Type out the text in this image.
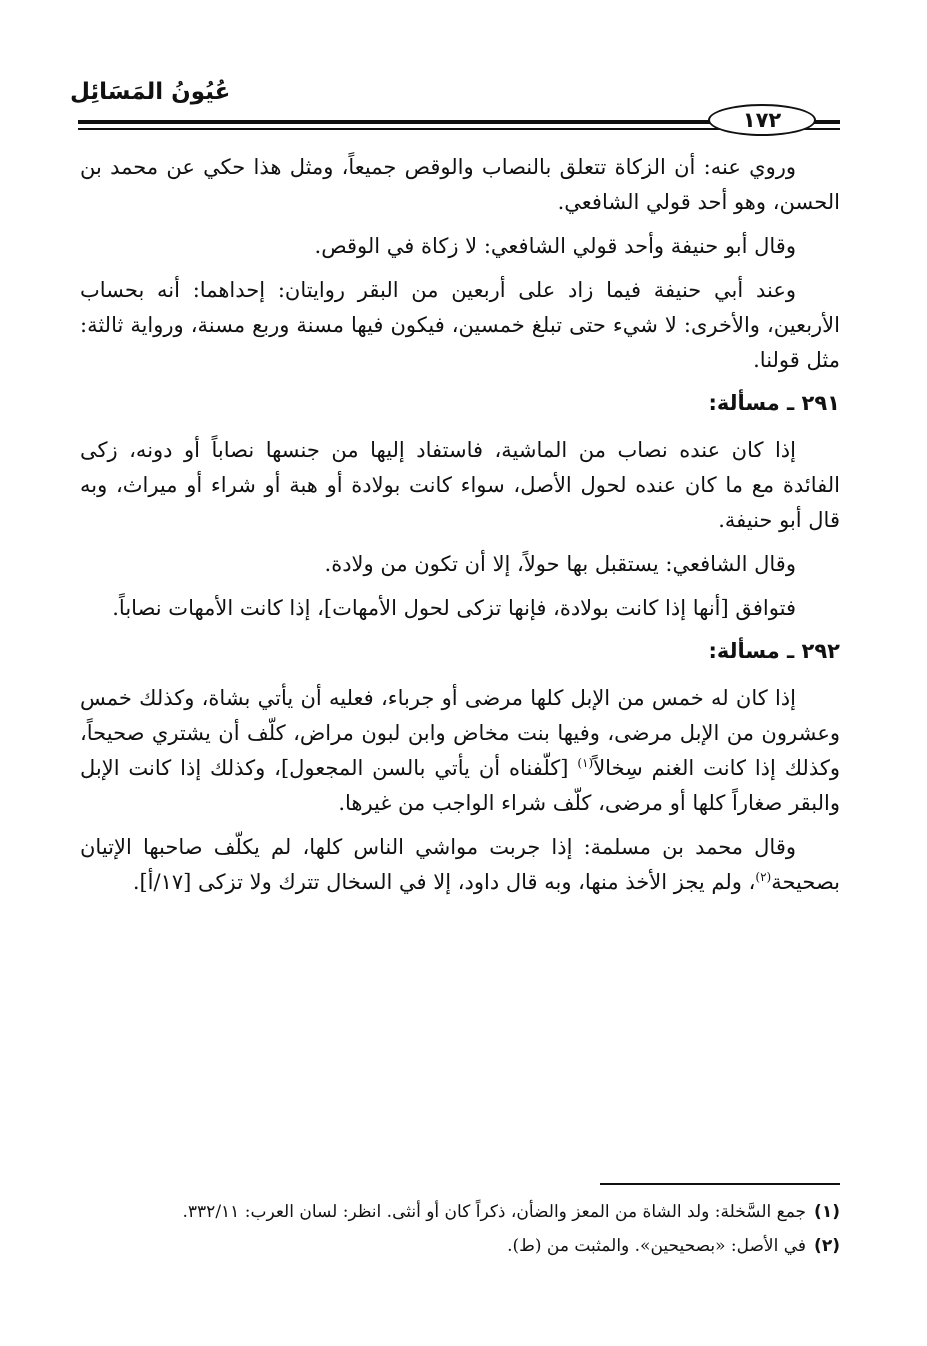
عُيُونُ المَسَائِل
١٧٢

وروي عنه: أن الزكاة تتعلق بالنصاب والوقص جميعاً، ومثل هذا حكي عن محمد بن الحسن، وهو أحد قولي الشافعي.

وقال أبو حنيفة وأحد قولي الشافعي: لا زكاة في الوقص.

وعند أبي حنيفة فيما زاد على أربعين من البقر روايتان: إحداهما: أنه بحساب الأربعين، والأخرى: لا شيء حتى تبلغ خمسين، فيكون فيها مسنة وربع مسنة، ورواية ثالثة: مثل قولنا.

٢٩١ ـ مسألة:

إذا كان عنده نصاب من الماشية، فاستفاد إليها من جنسها نصاباً أو دونه، زكى الفائدة مع ما كان عنده لحول الأصل، سواء كانت بولادة أو هبة أو شراء أو ميراث، وبه قال أبو حنيفة.

وقال الشافعي: يستقبل بها حولاً، إلا أن تكون من ولادة.

فتوافق [أنها إذا كانت بولادة، فإنها تزكى لحول الأمهات]، إذا كانت الأمهات نصاباً.

٢٩٢ ـ مسألة:

إذا كان له خمس من الإبل كلها مرضى أو جرباء، فعليه أن يأتي بشاة، وكذلك خمس وعشرون من الإبل مرضى، وفيها بنت مخاض وابن لبون مراض، كلّف أن يشتري صحيحاً، وكذلك إذا كانت الغنم سِخالاً$^{(١)}$ [كلّفناه أن يأتي بالسن المجعول]، وكذلك إذا كانت الإبل والبقر صغاراً كلها أو مرضى، كلّف شراء الواجب من غيرها.

وقال محمد بن مسلمة: إذا جربت مواشي الناس كلها، لم يكلّف صاحبها الإتيان بصحيحة$^{(٢)}$، ولم يجز الأخذ منها، وبه قال داود، إلا في السخال تترك ولا تزكى [١٧/أ].

(١)جمع السَّخلة: ولد الشاة من المعز والضأن، ذكراً كان أو أنثى. انظر: لسان العرب: ٣٣٢/١١.
(٢)في الأصل: «بصحيحين». والمثبت من (ط).
